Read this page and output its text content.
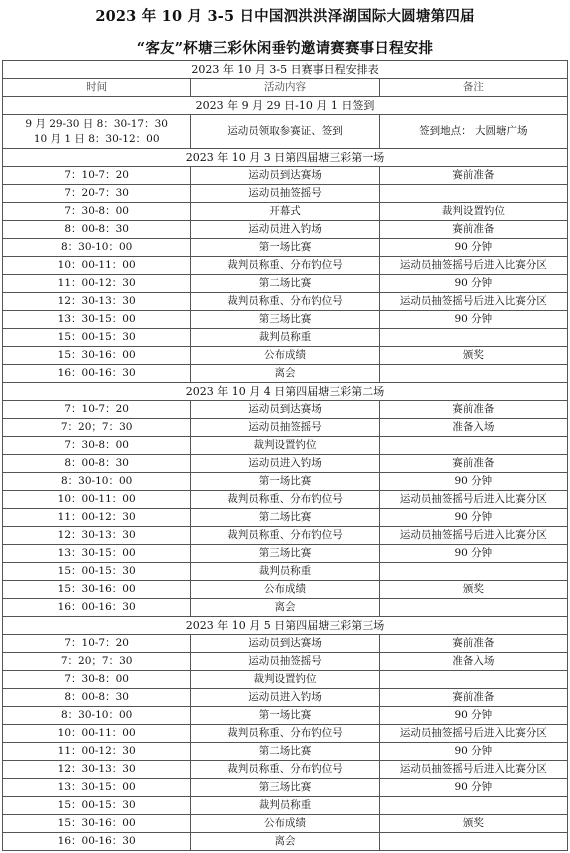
2023 年 10 月 3-5 日中国泗洪洪泽湖国际大圆塘第四届
“客友”杯塘三彩休闲垂钓邀请赛赛事日程安排
2023 年 10 月 3-5 日赛事日程安排表		
时间	活动内容	备注
2023 年 9 月 29 日-10 月 1 日签到		

9 月 29-30 日 8：30-17：30
10 月 1 日 8：30-12：00	运动员领取参赛证、签到	签到地点： 大圆塘广场
2023 年 10 月 3 日第四届塘三彩第一场		
7：10-7：20	运动员到达赛场	赛前准备
7：20-7：30	运动员抽签摇号	
7：30-8：00	开幕式	裁判设置钓位
8：00-8：30	运动员进入钓场	赛前准备
8：30-10：00	第一场比赛	90 分钟
10：00-11：00	裁判员称重、分布钓位号	运动员抽签摇号后进入比赛分区
11：00-12：30	第二场比赛	90 分钟
12：30-13：30	裁判员称重、分布钓位号	运动员抽签摇号后进入比赛分区
13：30-15：00	第三场比赛	90 分钟
15：00-15：30	裁判员称重	
15：30-16：00	公布成绩	颁奖
16：00-16：30	离会	
2023 年 10 月 4 日第四届塘三彩第二场		
7：10-7：20	运动员到达赛场	赛前准备
7：20；7：30	运动员抽签摇号	准备入场
7：30-8：00	裁判设置钓位	
8：00-8：30	运动员进入钓场	赛前准备
8：30-10：00	第一场比赛	90 分钟
10：00-11：00	裁判员称重、分布钓位号	运动员抽签摇号后进入比赛分区
11：00-12：30	第二场比赛	90 分钟
12：30-13：30	裁判员称重、分布钓位号	运动员抽签摇号后进入比赛分区
13：30-15：00	第三场比赛	90 分钟
15：00-15：30	裁判员称重	
15：30-16：00	公布成绩	颁奖
16：00-16：30	离会	
2023 年 10 月 5 日第四届塘三彩第三场		
7：10-7：20	运动员到达赛场	赛前准备
7：20；7：30	运动员抽签摇号	准备入场
7：30-8：00	裁判设置钓位	
8：00-8：30	运动员进入钓场	赛前准备
8：30-10：00	第一场比赛	90 分钟
10：00-11：00	裁判员称重、分布钓位号	运动员抽签摇号后进入比赛分区
11：00-12：30	第二场比赛	90 分钟
12：30-13：30	裁判员称重、分布钓位号	运动员抽签摇号后进入比赛分区
13：30-15：00	第三场比赛	90 分钟
15：00-15：30	裁判员称重	
15：30-16：00	公布成绩	颁奖
16：00-16：30	离会	
